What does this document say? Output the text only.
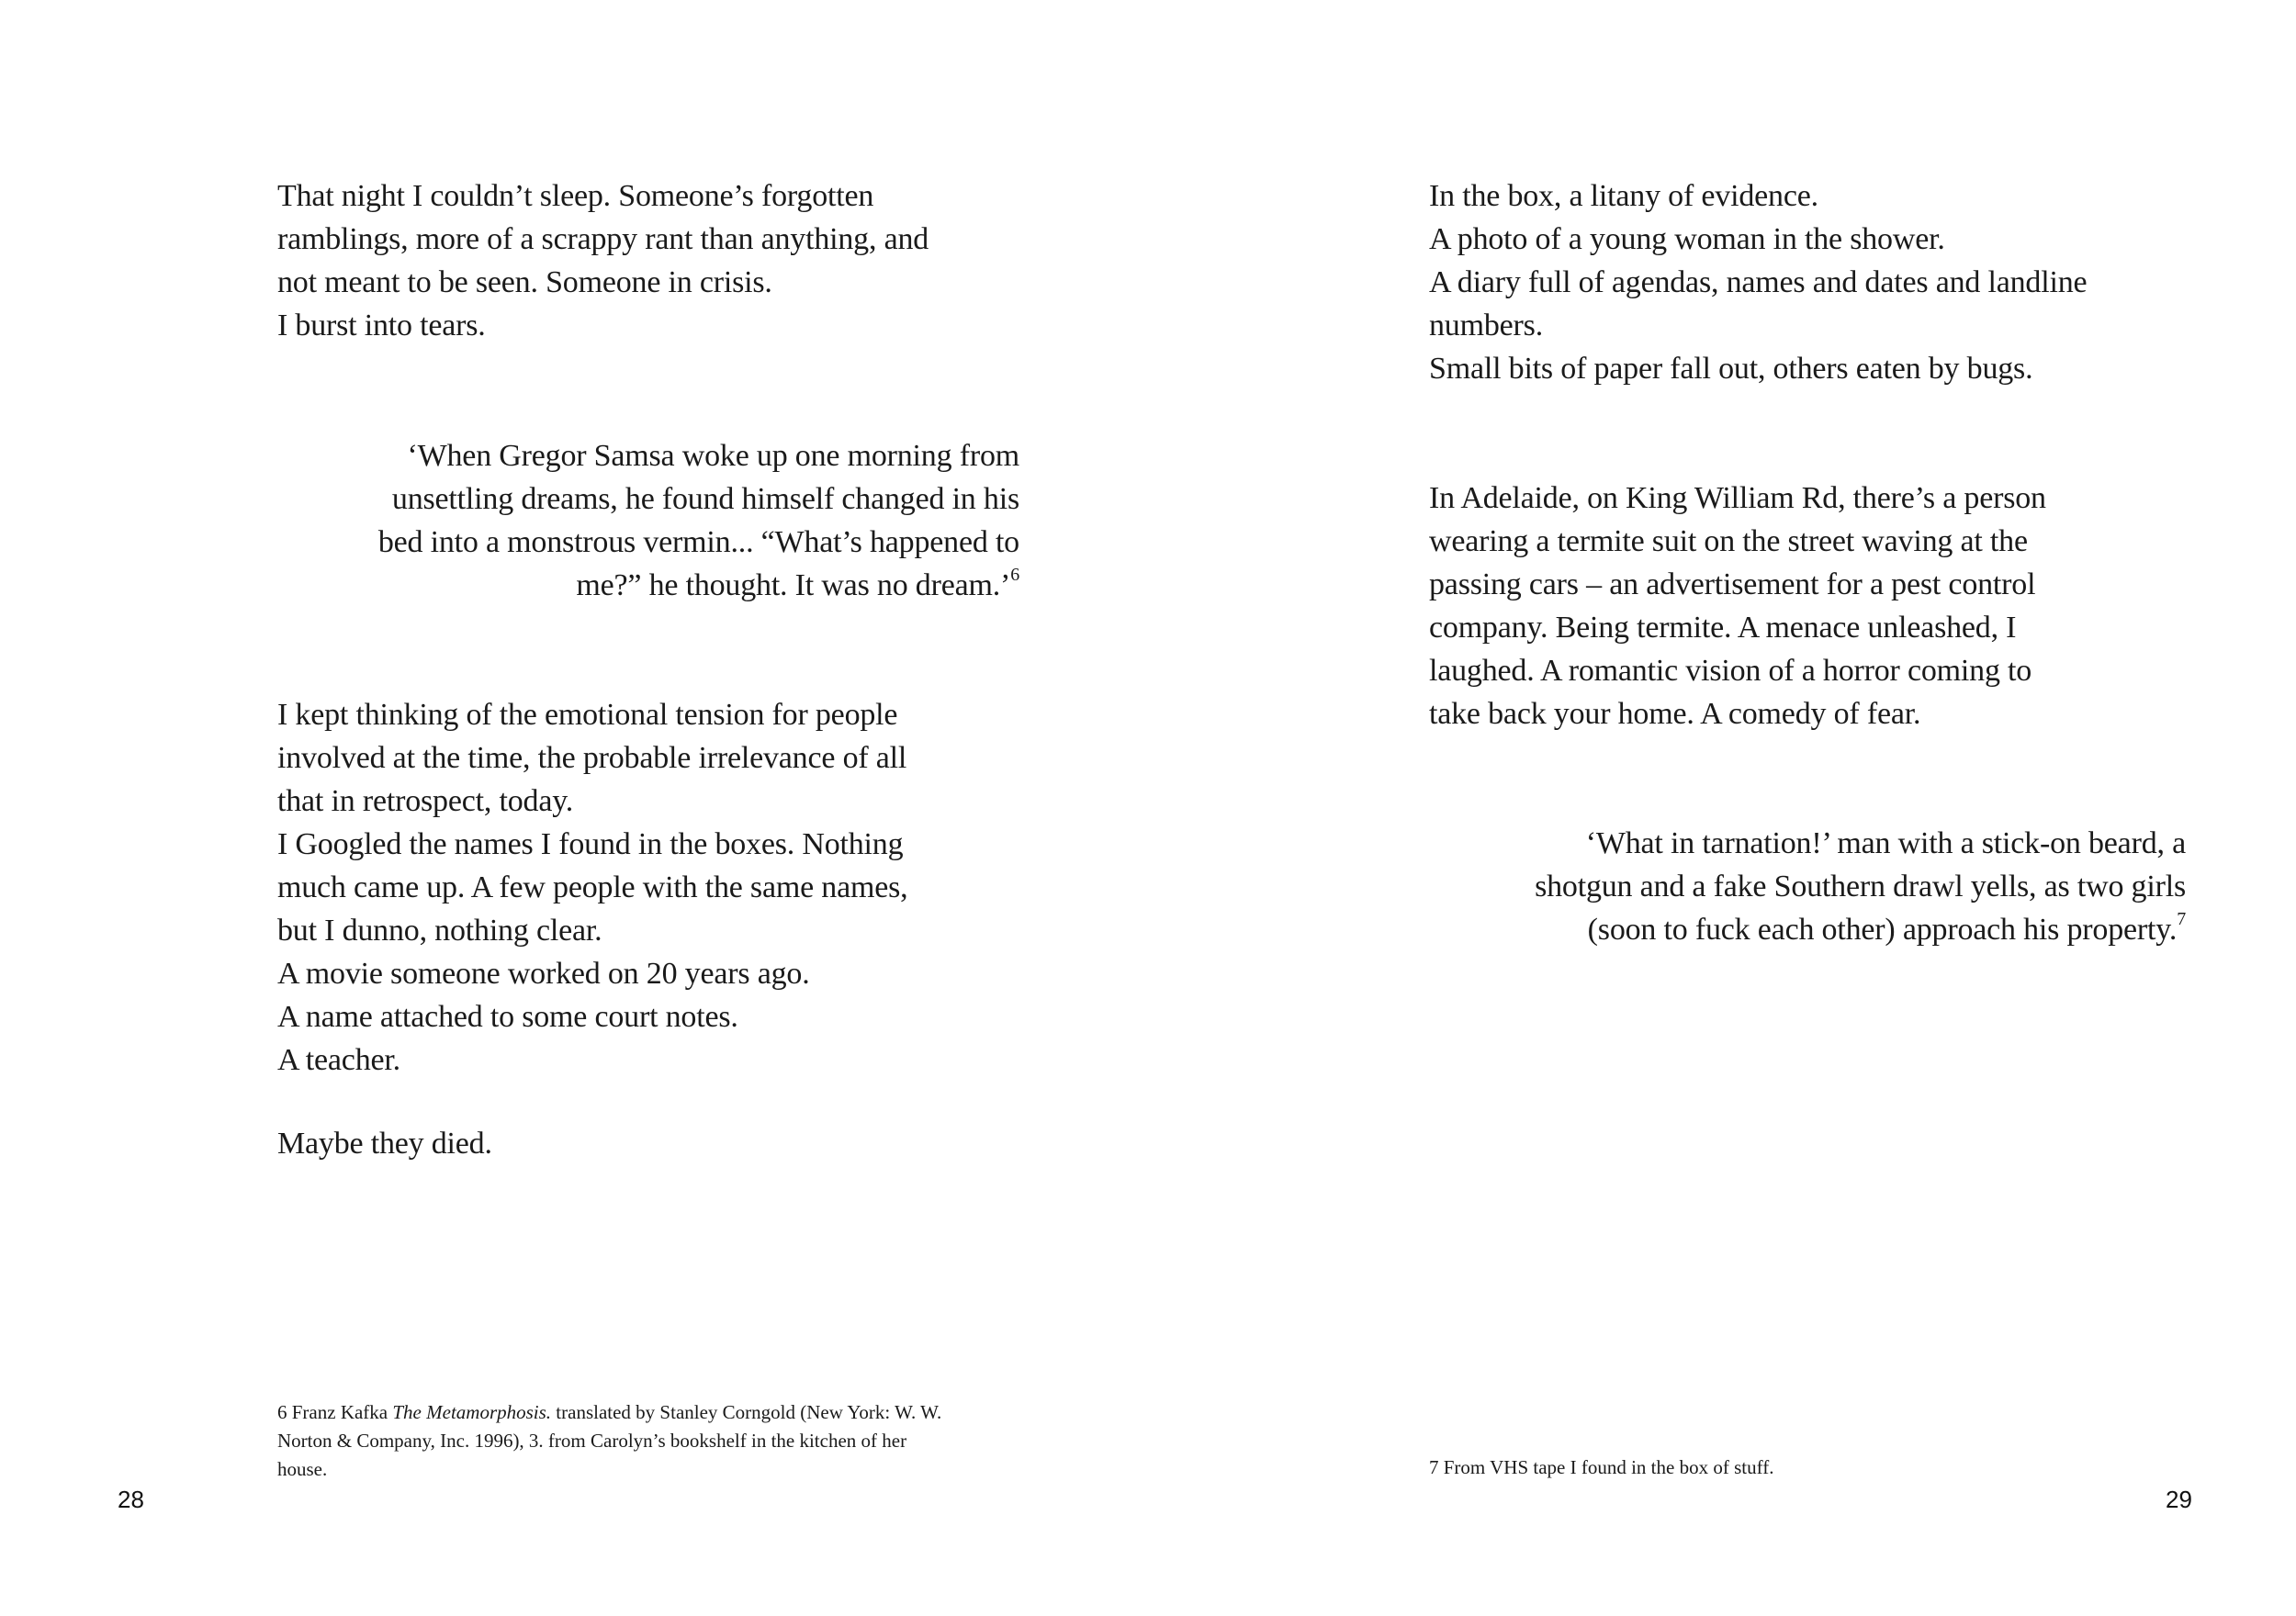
That night I couldn’t sleep. Someone’s forgotten

ramblings, more of a scrappy rant than anything, and

not meant to be seen. Someone in crisis.

I burst into tears.

‘When Gregor Samsa woke up one morning from

unsettling dreams, he found himself changed in his

bed into a monstrous vermin... “What’s happened to

me?” he thought. It was no dream.’$^6$

I kept thinking of the emotional tension for people

involved at the time, the probable irrelevance of all

that in retrospect, today.

I Googled the names I found in the boxes. Nothing

much came up. A few people with the same names,

but I dunno, nothing clear.

A movie someone worked on 20 years ago.

A name attached to some court notes.

A teacher.

Maybe they died.

6 Franz Kafka The Metamorphosis. translated by Stanley Corngold (New York: W. W.

Norton & Company, Inc. 1996), 3. from Carolyn’s bookshelf in the kitchen of her

house.

28

In the box, a litany of evidence.

A photo of a young woman in the shower.

A diary full of agendas, names and dates and landline

numbers.

Small bits of paper fall out, others eaten by bugs.

In Adelaide, on King William Rd, there’s a person

wearing a termite suit on the street waving at the

passing cars – an advertisement for a pest control

company. Being termite. A menace unleashed, I

laughed. A romantic vision of a horror coming to

take back your home. A comedy of fear.

‘What in tarnation!’ man with a stick-on beard, a

shotgun and a fake Southern drawl yells, as two girls

(soon to fuck each other) approach his property.$^7$

7 From VHS tape I found in the box of stuff.

29
